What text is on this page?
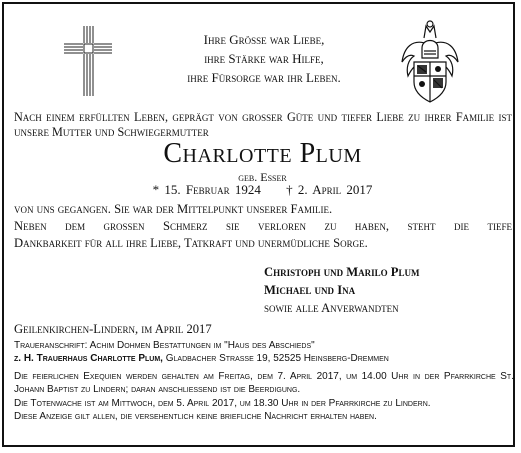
Ihre Grösse war Liebe,
ihre Stärke war Hilfe,
ihre Fürsorge war ihr Leben.
Nach einem erfüllten Leben, geprägt von grosser Güte und tiefer Liebe zu ihrer Familie ist unsere Mutter und Schwiegermutter
Charlotte Plum
geb. Esser
* 15. Februar 1924 † 2. April 2017
von uns gegangen. Sie war der Mittelpunkt unserer Familie.
Neben dem grossen Schmerz sie verloren zu haben, steht die tiefe
Dankbarkeit für all ihre Liebe, Tatkraft und unermüdliche Sorge.
Christoph und Marilo Plum
Michael und Ina
sowie alle Anverwandten
Geilenkirchen-Lindern, im April 2017
Traueranschrift: Achim Dohmen Bestattungen im "Haus des Abschieds"
z. H. Trauerhaus Charlotte Plum, Gladbacher Strasse 19, 52525 Heinsberg-Dremmen

Die feierlichen Exequien werden gehalten am Freitag, dem 7. April 2017, um 14.00 Uhr in der Pfarrkirche St. Johann Baptist zu Lindern; daran anschliessend ist die Beerdigung.

Die Totenwache ist am Mittwoch, dem 5. April 2017, um 18.30 Uhr in der Pfarrkirche zu Lindern.

Diese Anzeige gilt allen, die versehentlich keine briefliche Nachricht erhalten haben.
